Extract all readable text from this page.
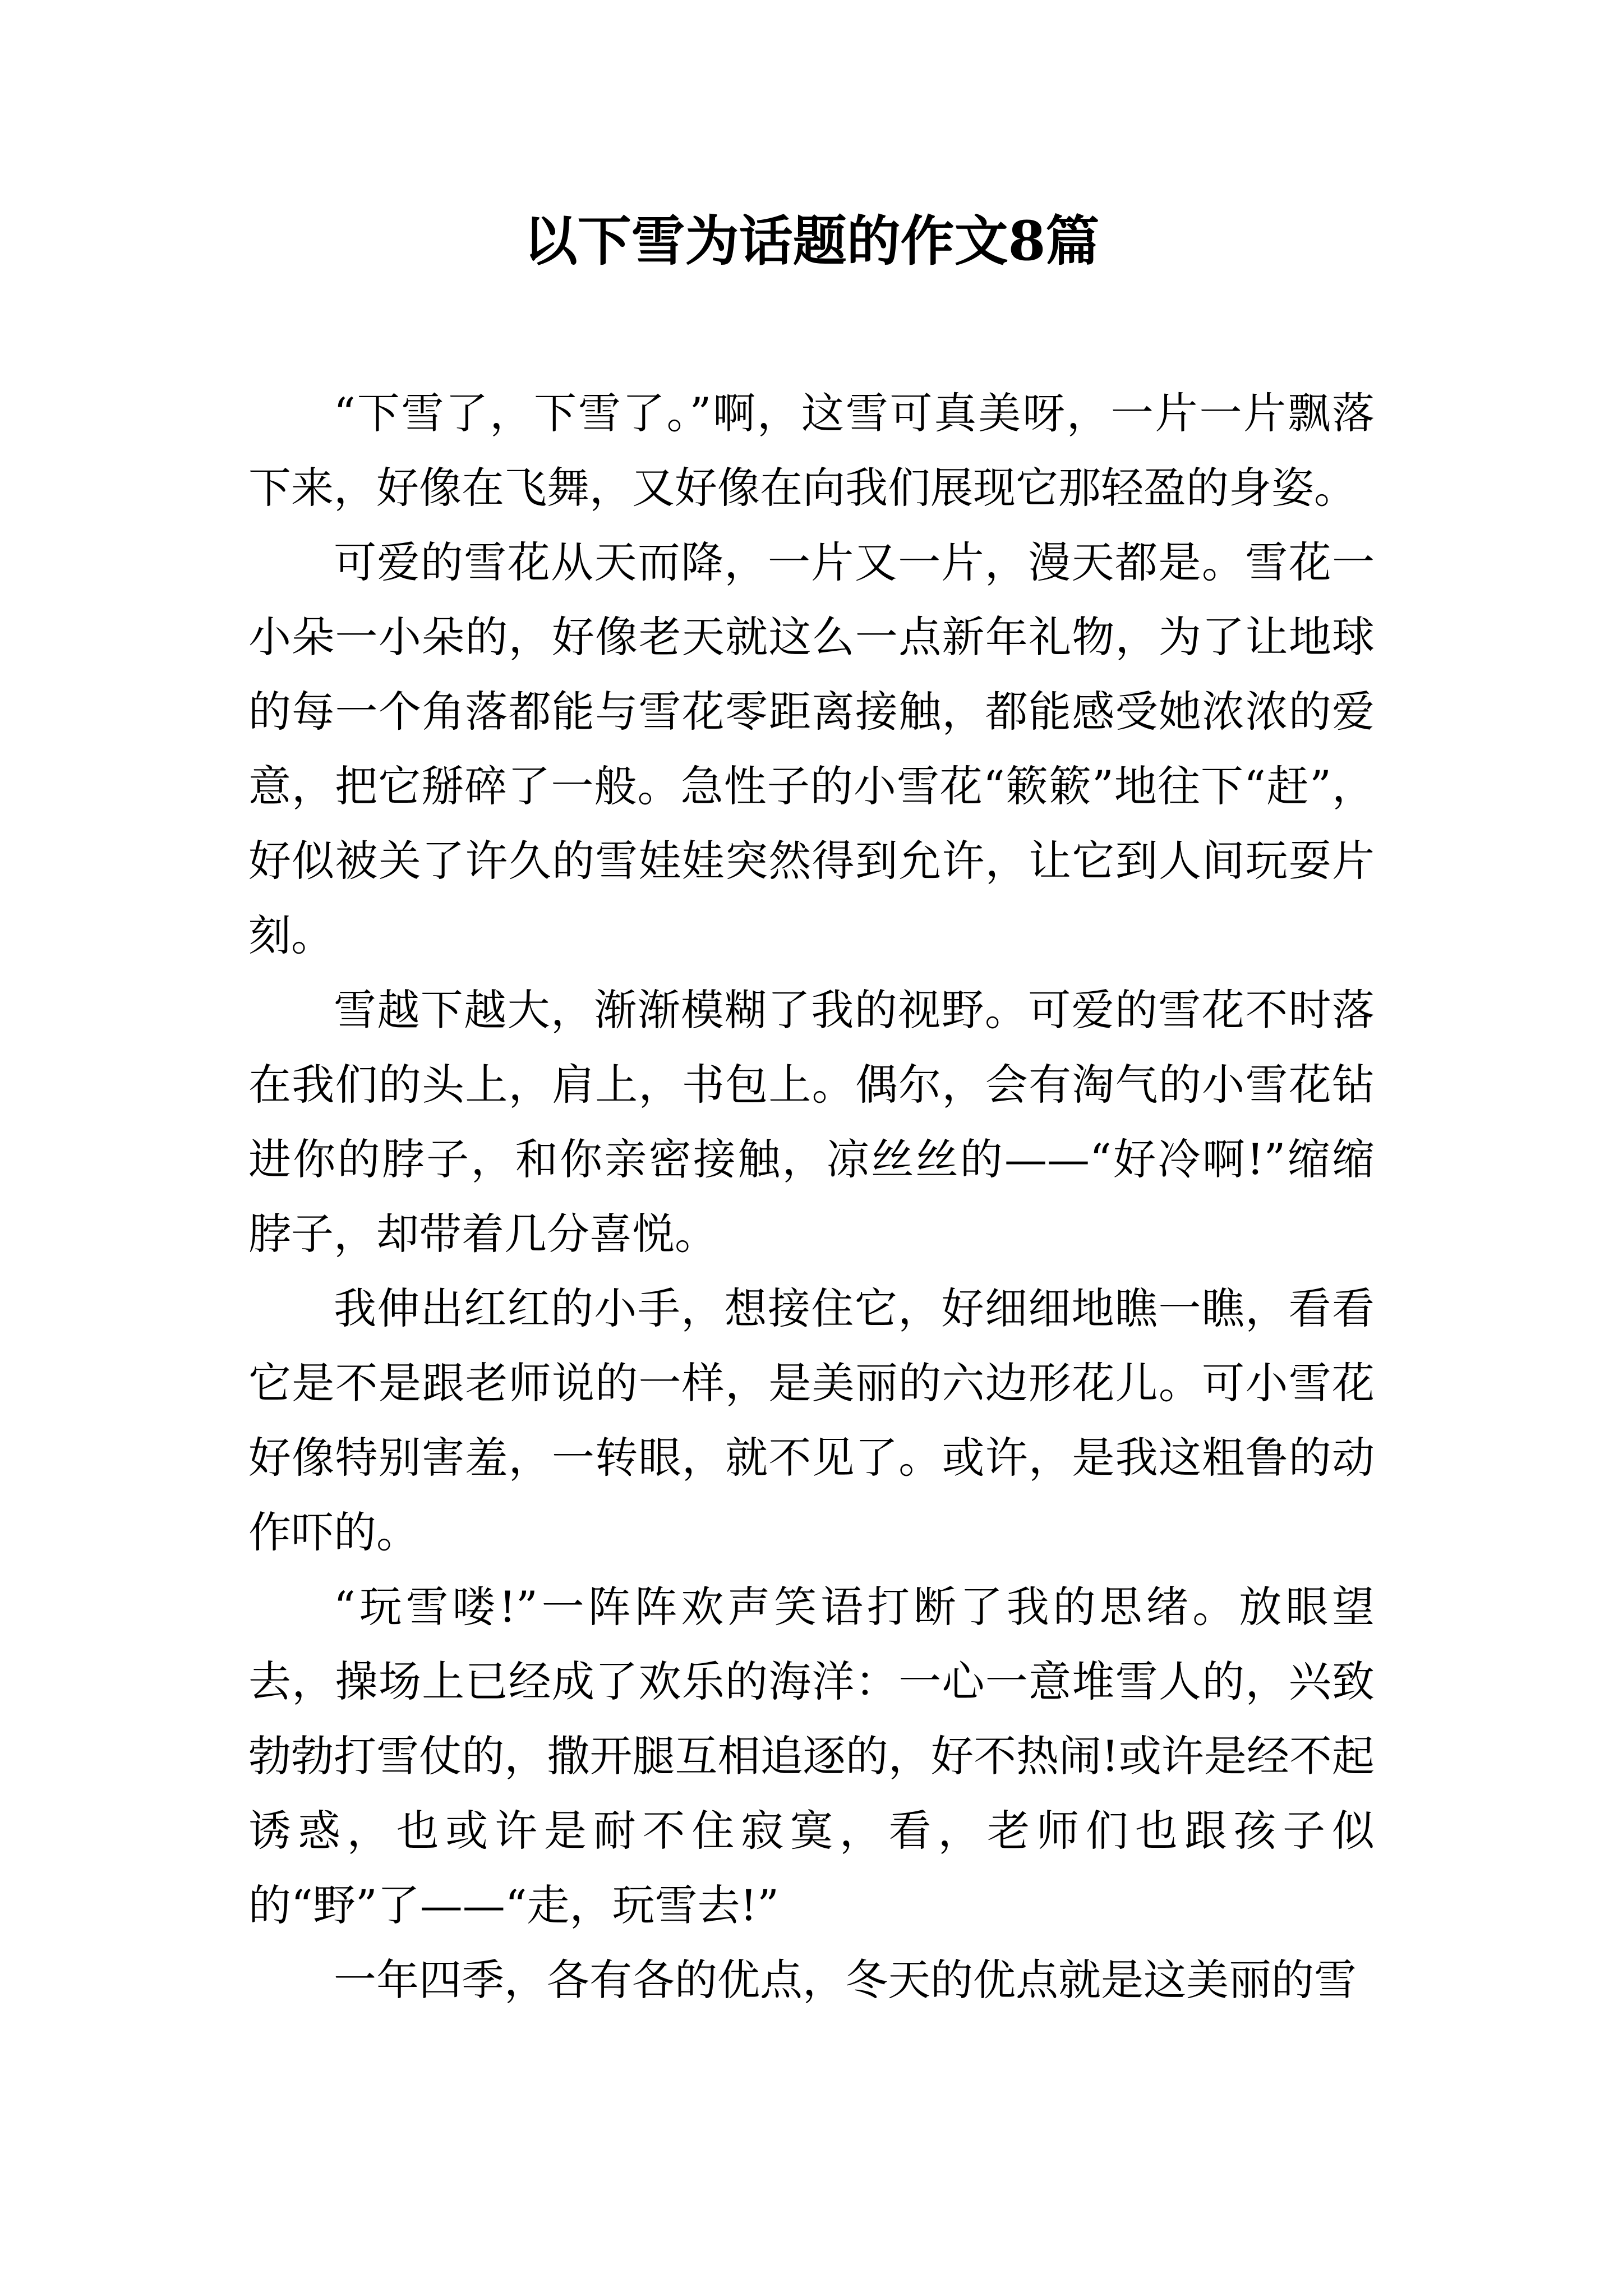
以下雪为话题的作文8篇

“下雪了，下雪了。”啊，这雪可真美呀，一片一片飘落下来，好像在飞舞，又好像在向我们展现它那轻盈的身姿。

可爱的雪花从天而降，一片又一片，漫天都是。雪花一小朵一小朵的，好像老天就这么一点新年礼物，为了让地球的每一个角落都能与雪花零距离接触，都能感受她浓浓的爱意，把它掰碎了一般。急性子的小雪花“簌簌”地往下“赶”，好似被关了许久的雪娃娃突然得到允许，让它到人间玩耍片刻。

雪越下越大，渐渐模糊了我的视野。可爱的雪花不时落在我们的头上，肩上，书包上。偶尔，会有淘气的小雪花钻进你的脖子，和你亲密接触，凉丝丝的——“好冷啊!”缩缩脖子，却带着几分喜悦。

我伸出红红的小手，想接住它，好细细地瞧一瞧，看看它是不是跟老师说的一样，是美丽的六边形花儿。可小雪花好像特别害羞，一转眼，就不见了。或许，是我这粗鲁的动作吓的。

“玩雪喽!”一阵阵欢声笑语打断了我的思绪。放眼望去，操场上已经成了欢乐的海洋：一心一意堆雪人的，兴致勃勃打雪仗的，撒开腿互相追逐的，好不热闹!或许是经不起诱惑，也或许是耐不住寂寞，看，老师们也跟孩子似的“野”了——“走，玩雪去!”

一年四季，各有各的优点，冬天的优点就是这美丽的雪
